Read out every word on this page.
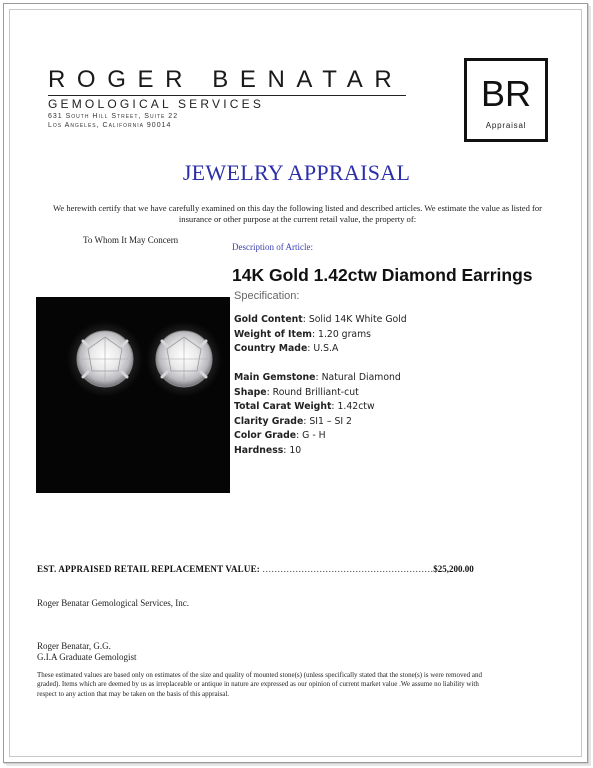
ROGER BENATAR
GEMOLOGICAL SERVICES
631 South Hill Street, Suite 22
Los Angeles, California 90014
BR
Appraisal
JEWELRY APPRAISAL
We herewith certify that we have carefully examined on this day the following listed and described articles. We estimate the value as listed for
insurance or other purpose at the current retail value, the property of:
To Whom It May Concern
Description of Article:
14K Gold 1.42ctw Diamond Earrings
Specification:
Gold Content: Solid 14K White Gold
Weight of Item: 1.20 grams
Country Made: U.S.A
Main Gemstone: Natural Diamond
Shape: Round Brilliant-cut
Total Carat Weight: 1.42ctw
Clarity Grade: SI1 – SI 2
Color Grade: G - H
Hardness: 10
EST. APPRAISED RETAIL REPLACEMENT VALUE: …………………………………………………$25,200.00
Roger Benatar Gemological Services, Inc.
Roger Benatar, G.G.
G.I.A Graduate Gemologist
These estimated values are based only on estimates of the size and quality of mounted stone(s) (unless specifically stated that the stone(s) is were removed and graded). Items which are deemed by us as irreplaceable or antique in nature are expressed as our opinion of current market value .We assume no liability with respect to any action that may be taken on the basis of this appraisal.
